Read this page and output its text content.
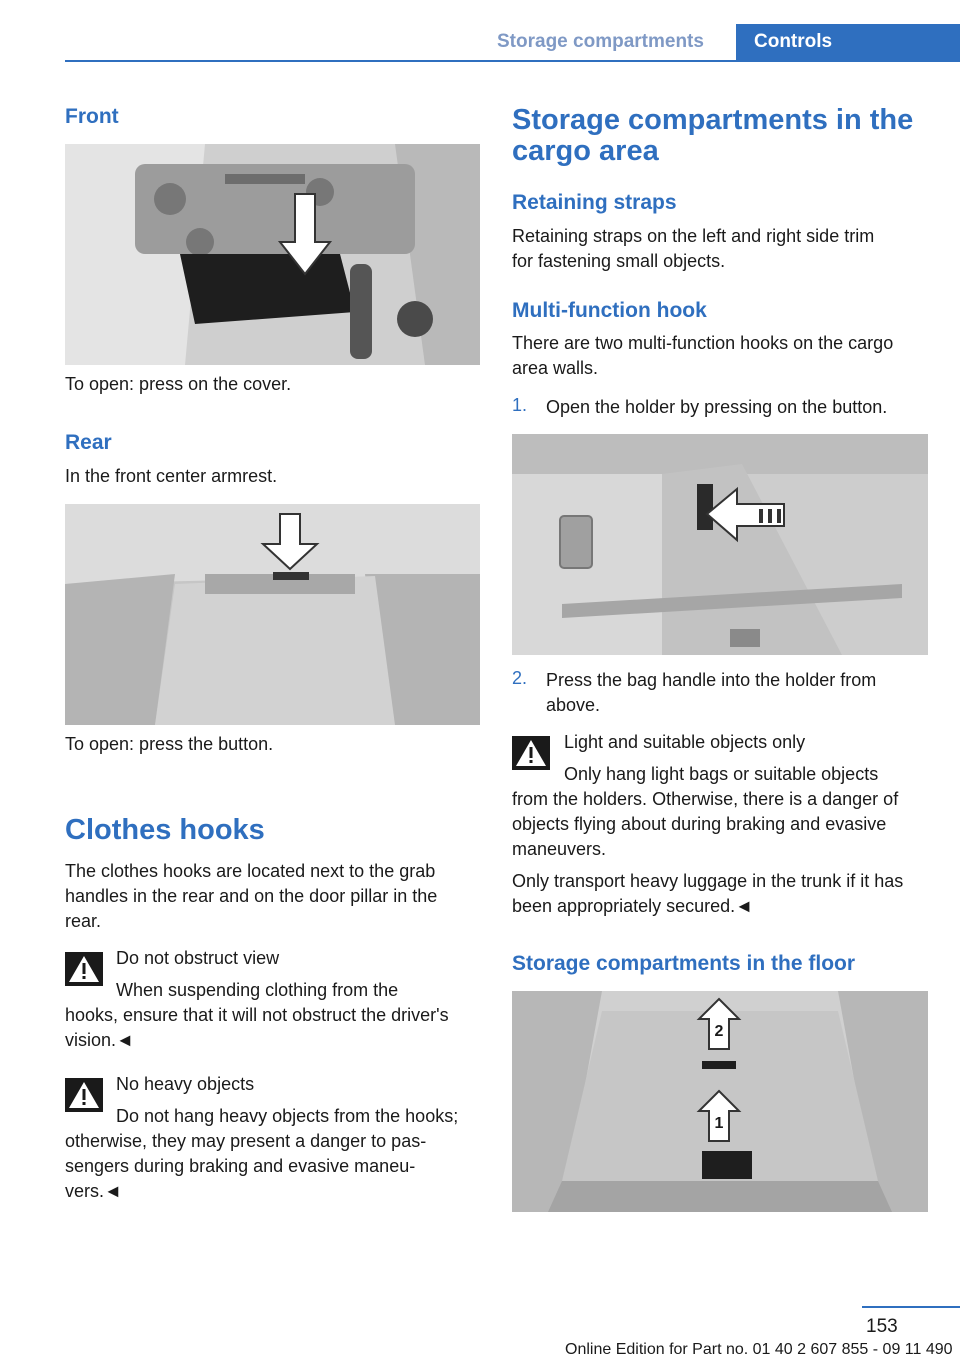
Storage compartments	Controls
Front
To open: press on the cover.
Rear
In the front center armrest.
To open: press the button.
Clothes hooks
The clothes hooks are located next to the grab
handles in the rear and on the door pillar in the
rear.
Do not obstruct view
When suspending clothing from the
hooks, ensure that it will not obstruct the driver's
vision.◄
No heavy objects
Do not hang heavy objects from the hooks;
otherwise, they may present a danger to pas-
sengers during braking and evasive maneu-
vers.◄
Storage compartments in the
cargo area
Retaining straps
Retaining straps on the left and right side trim
for fastening small objects.
Multi-function hook
There are two multi-function hooks on the cargo
area walls.
1. Open the holder by pressing on the button.
2. Press the bag handle into the holder from
above.
Light and suitable objects only
Only hang light bags or suitable objects
from the holders. Otherwise, there is a danger of
objects flying about during braking and evasive
maneuvers.
Only transport heavy luggage in the trunk if it has
been appropriately secured.◄
Storage compartments in the floor
2
1
153
Online Edition for Part no. 01 40 2 607 855 - 09 11 490
